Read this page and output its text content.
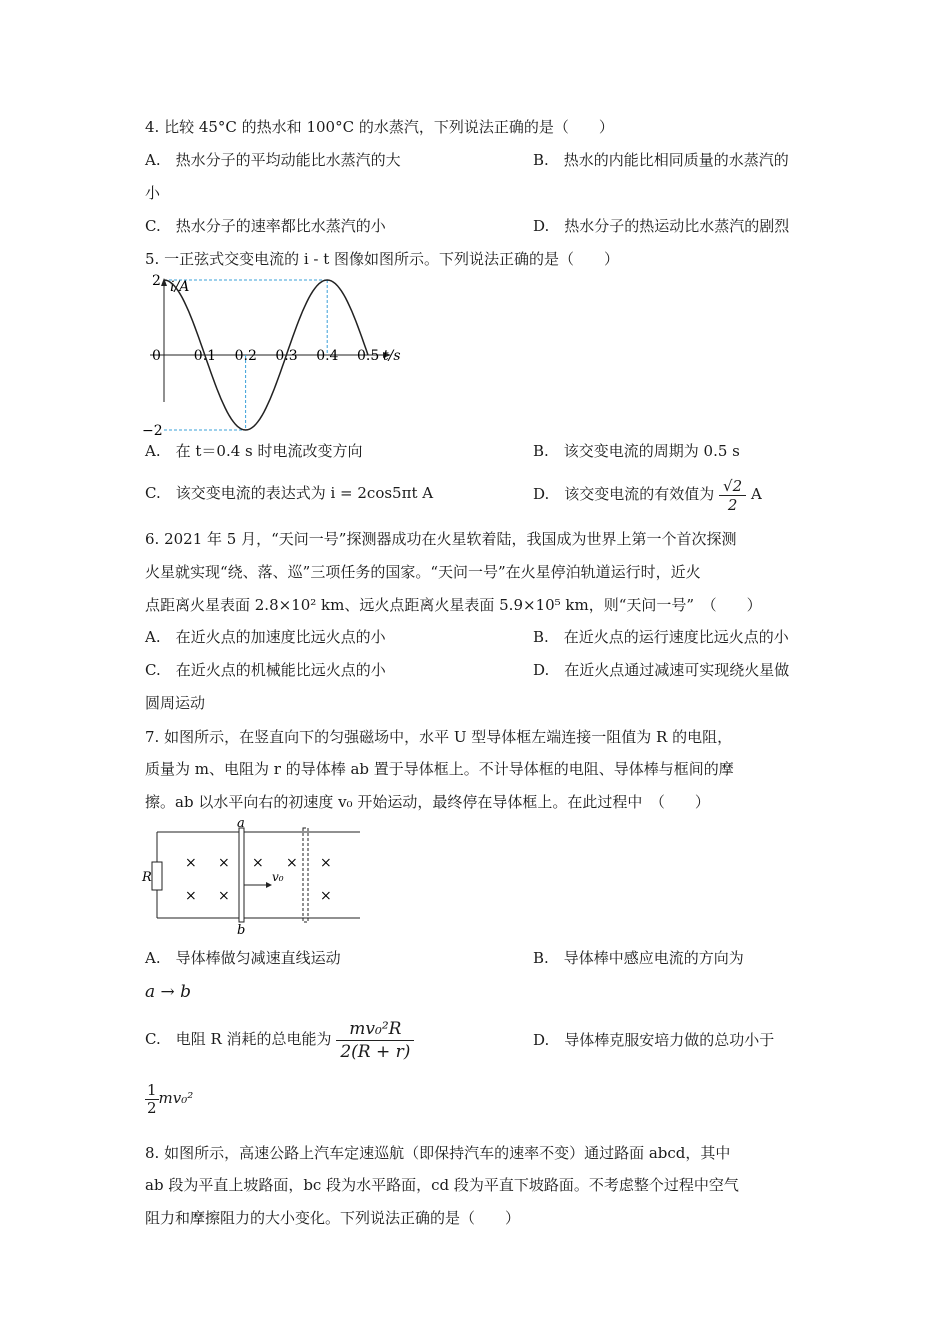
4. 比较 45°C 的热水和 100°C 的水蒸汽，下列说法正确的是（　　）
A.　热水分子的平均动能比水蒸汽的大	B.　热水的内能比相同质量的水蒸汽的
小
C.　热水分子的速率都比水蒸汽的小	D.　热水分子的热运动比水蒸汽的剧烈
5. 一正弦式交变电流的 i - t 图像如图所示。下列说法正确的是（　　）
i/A
t/s
0
2
−2
0.1 0.2 0.3 0.4 0.5
A.　在 t＝0.4 s 时电流改变方向	B.　该交变电流的周期为 0.5 s
C.　该交变电流的表达式为 i = 2cos5πt A	D.　该交变电流的有效值为 $\frac{√2}{2}$ A
6. 2021 年 5 月，“天问一号”探测器成功在火星软着陆，我国成为世界上第一个首次探测
火星就实现“绕、落、巡”三项任务的国家。“天问一号”在火星停泊轨道运行时，近火
点距离火星表面 2.8×10² km、远火点距离火星表面 5.9×10⁵ km，则“天问一号”　（　　）
A.　在近火点的加速度比远火点的小	B.　在近火点的运行速度比远火点的小
C.　在近火点的机械能比远火点的小	D.　在近火点通过减速可实现绕火星做
圆周运动
7. 如图所示，在竖直向下的匀强磁场中，水平 U 型导体框左端连接一阻值为 R 的电阻，
质量为 m、电阻为 r 的导体棒 ab 置于导体框上。不计导体框的电阻、导体棒与框间的摩
擦。ab 以水平向右的初速度 v₀ 开始运动，最终停在导体框上。在此过程中　（　　）
R
× × × × ×
× ×	×
a
b
v₀
A.　导体棒做匀减速直线运动	B.　导体棒中感应电流的方向为
a → b
C.　电阻 R 消耗的总电能为 $\frac{\text{mv₀²R}}{2(R + r)}$	D.　导体棒克服安培力做的总功小于
$\frac{1}{2} mv_0^2$
8. 如图所示，高速公路上汽车定速巡航（即保持汽车的速率不变）通过路面 abcd，其中
ab 段为平直上坡路面，bc 段为水平路面，cd 段为平直下坡路面。不考虑整个过程中空气
阻力和摩擦阻力的大小变化。下列说法正确的是（　　）
